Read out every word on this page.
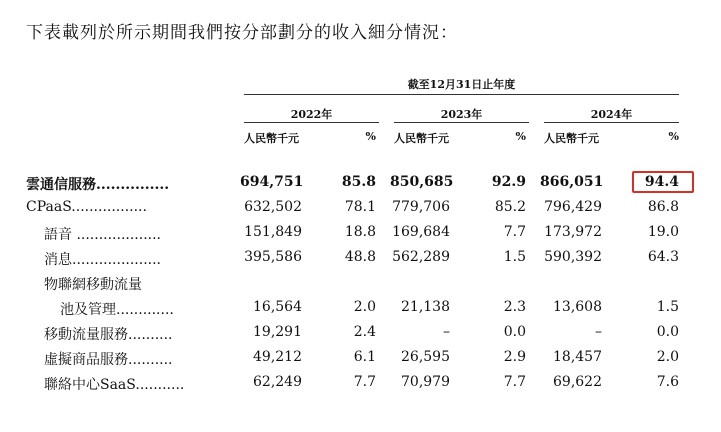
下表載列於所示期間我們按分部劃分的收入細分情況：
截至12月31日止年度
2022年	2023年	2024年
人民幣千元	% 人民幣千元	% 人民幣千元	%
雲通信服務...............	694,751	85.8 850,685	92.9 866,051	94.4
CPaaS.................	632,502	78.1 779,706	85.2 796,429	86.8
語音 ...................	151,849	18.8 169,684	7.7 173,972	19.0
消息....................	395,586	48.8 562,289	1.5 590,392	64.3
物聯網移動流量
池及管理.............	16,564	2.0	21,138	2.3	13,608	1.5
移動流量服務..........	19,291	2.4	–	0.0	–	0.0
虛擬商品服務..........	49,212	6.1	26,595	2.9	18,457	2.0
聯絡中心SaaS...........	62,249	7.7	70,979	7.7	69,622	7.6
